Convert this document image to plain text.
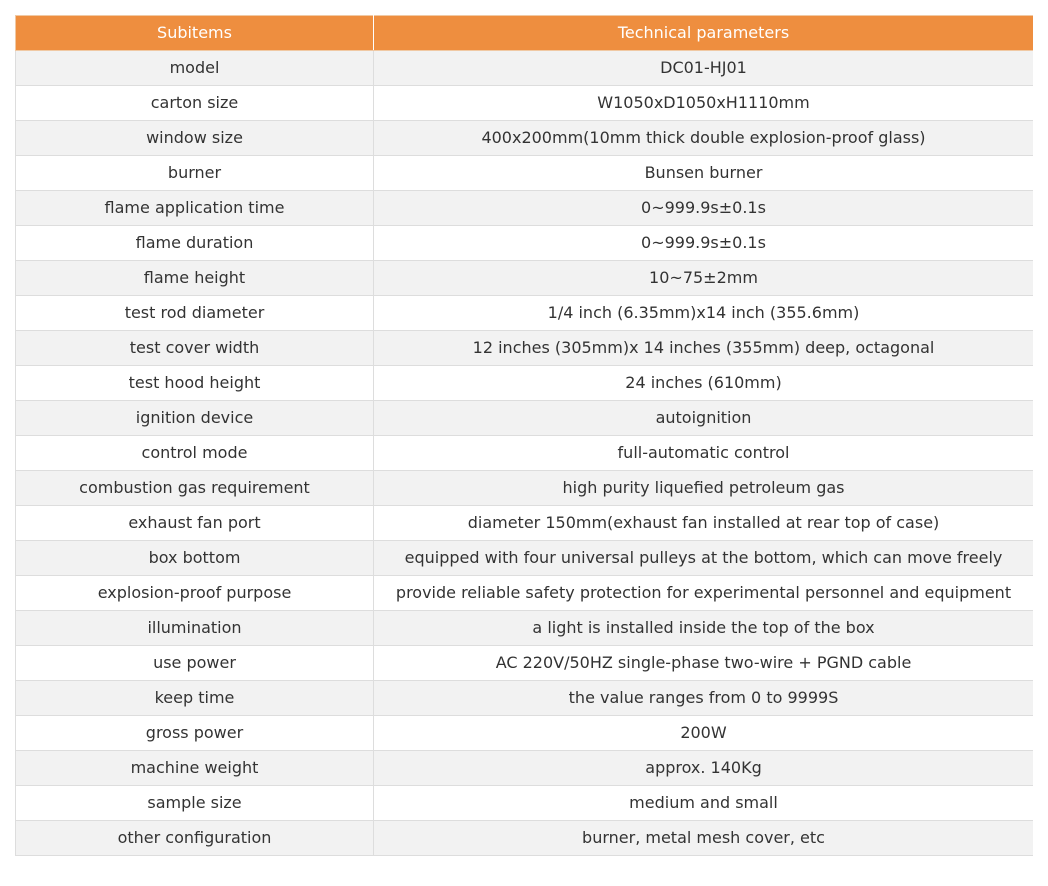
Subitems	Technical parameters
model	DC01-HJ01
carton size	W1050xD1050xH1110mm
window size	400x200mm(10mm thick double explosion-proof glass)
burner	Bunsen burner
flame application time	0~999.9s±0.1s
flame duration	0~999.9s±0.1s
flame height	10~75±2mm
test rod diameter	1/4 inch (6.35mm)x14 inch (355.6mm)
test cover width	12 inches (305mm)x 14 inches (355mm) deep, octagonal
test hood height	24 inches (610mm)
ignition device	autoignition
control mode	full-automatic control
combustion gas requirement	high purity liquefied petroleum gas
exhaust fan port	diameter 150mm(exhaust fan installed at rear top of case)
box bottom	equipped with four universal pulleys at the bottom, which can move freely
explosion-proof purpose	provide reliable safety protection for experimental personnel and equipment
illumination	a light is installed inside the top of the box
use power	AC 220V/50HZ single-phase two-wire + PGND cable
keep time	the value ranges from 0 to 9999S
gross power	200W
machine weight	approx. 140Kg
sample size	medium and small
other configuration	burner, metal mesh cover, etc
